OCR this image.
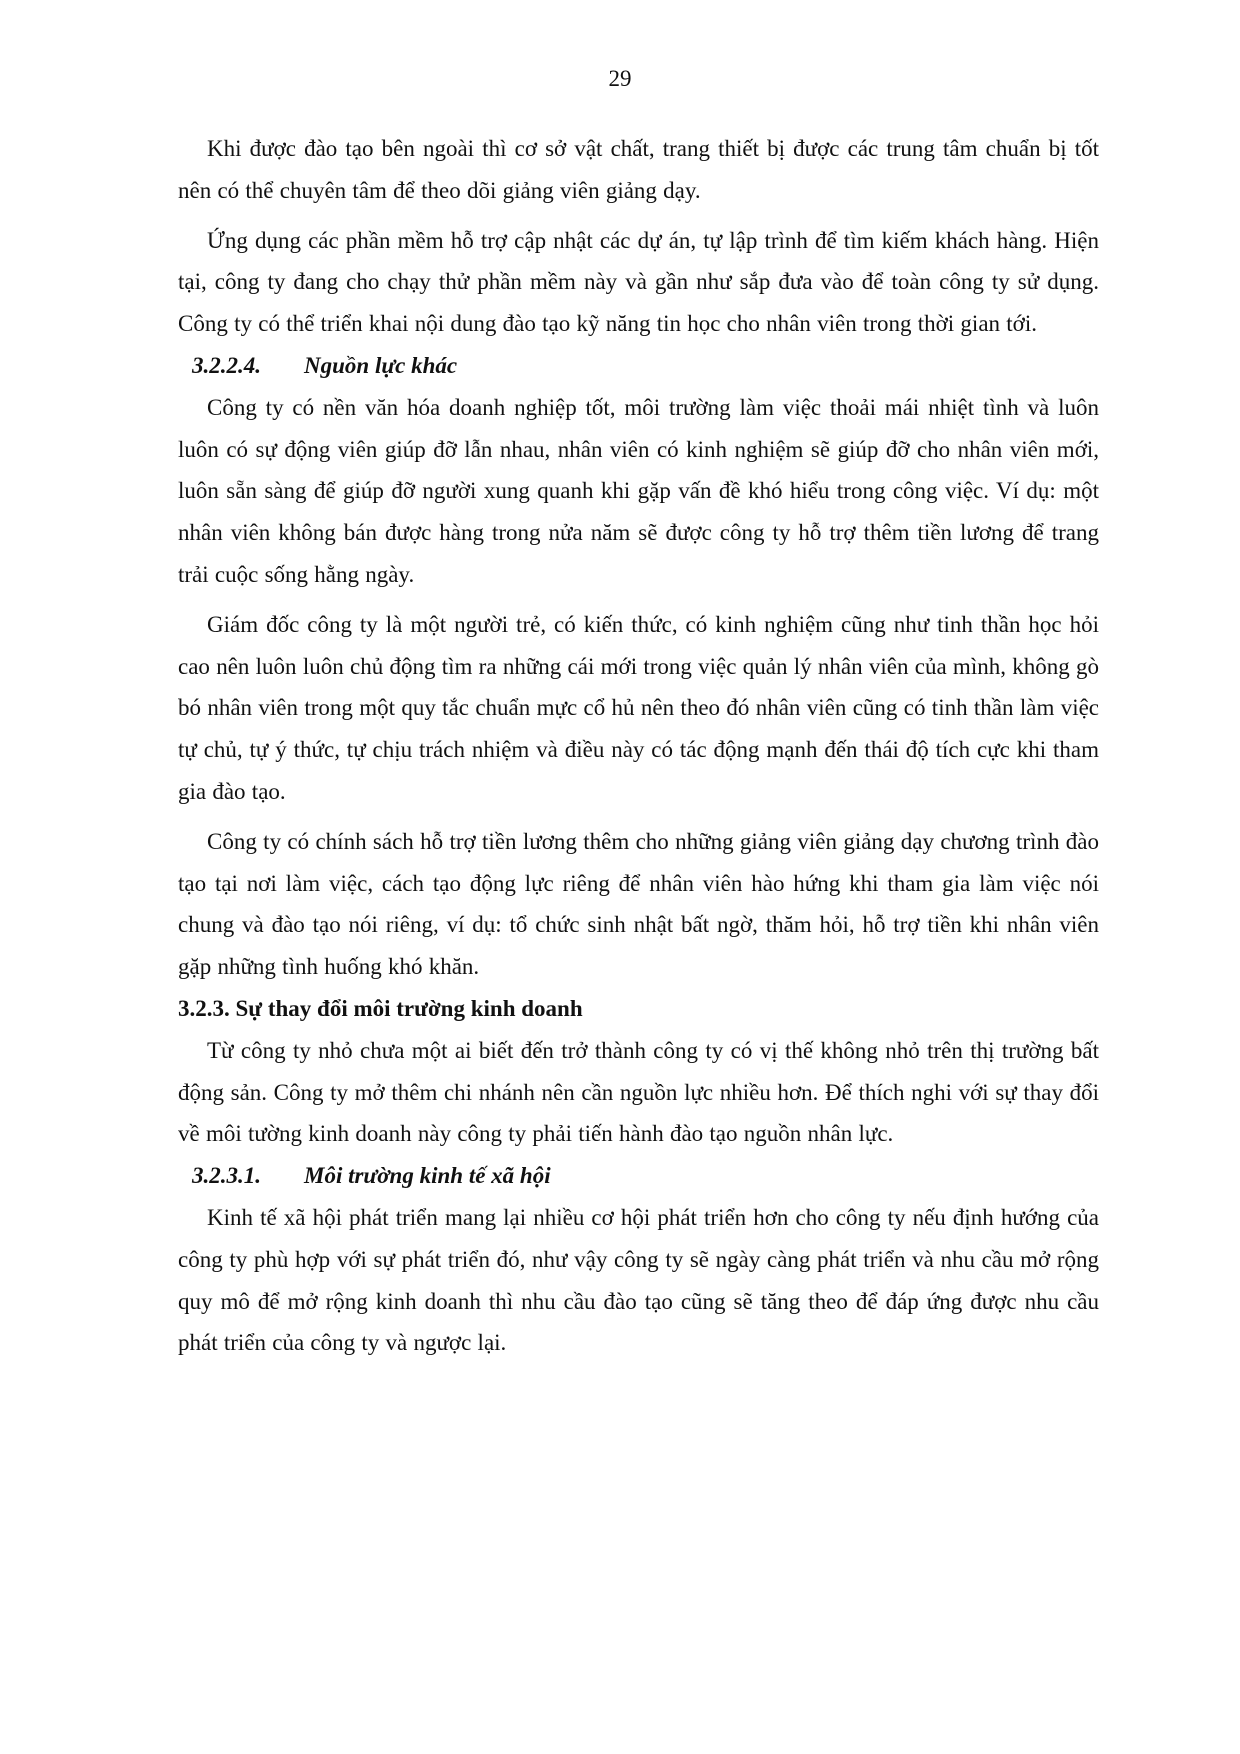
29

Khi được đào tạo bên ngoài thì cơ sở vật chất, trang thiết bị được các trung tâm chuẩn bị tốt nên có thể chuyên tâm để theo dõi giảng viên giảng dạy.

Ứng dụng các phần mềm hỗ trợ cập nhật các dự án, tự lập trình để tìm kiếm khách hàng. Hiện tại, công ty đang cho chạy thử phần mềm này và gần như sắp đưa vào để toàn công ty sử dụng. Công ty có thể triển khai nội dung đào tạo kỹ năng tin học cho nhân viên trong thời gian tới.

3.2.2.4.	Nguồn lực khác

Công ty có nền văn hóa doanh nghiệp tốt, môi trường làm việc thoải mái nhiệt tình và luôn luôn có sự động viên giúp đỡ lẫn nhau, nhân viên có kinh nghiệm sẽ giúp đỡ cho nhân viên mới, luôn sẵn sàng để giúp đỡ người xung quanh khi gặp vấn đề khó hiểu trong công việc. Ví dụ: một nhân viên không bán được hàng trong nửa năm sẽ được công ty hỗ trợ thêm tiền lương để trang trải cuộc sống hằng ngày.

Giám đốc công ty là một người trẻ, có kiến thức, có kinh nghiệm cũng như tinh thần học hỏi cao nên luôn luôn chủ động tìm ra những cái mới trong việc quản lý nhân viên của mình, không gò bó nhân viên trong một quy tắc chuẩn mực cổ hủ nên theo đó nhân viên cũng có tinh thần làm việc tự chủ, tự ý thức, tự chịu trách nhiệm và điều này có tác động mạnh đến thái độ tích cực khi tham gia đào tạo.

Công ty có chính sách hỗ trợ tiền lương thêm cho những giảng viên giảng dạy chương trình đào tạo tại nơi làm việc, cách tạo động lực riêng để nhân viên hào hứng khi tham gia làm việc nói chung và đào tạo nói riêng, ví dụ: tổ chức sinh nhật bất ngờ, thăm hỏi, hỗ trợ tiền khi nhân viên gặp những tình huống khó khăn.

3.2.3. Sự thay đổi môi trường kinh doanh

Từ công ty nhỏ chưa một ai biết đến trở thành công ty có vị thế không nhỏ trên thị trường bất động sản. Công ty mở thêm chi nhánh nên cần nguồn lực nhiều hơn. Để thích nghi với sự thay đổi về môi tường kinh doanh này công ty phải tiến hành đào tạo nguồn nhân lực.

3.2.3.1.	Môi trường kinh tế xã hội

Kinh tế xã hội phát triển mang lại nhiều cơ hội phát triển hơn cho công ty nếu định hướng của công ty phù hợp với sự phát triển đó, như vậy công ty sẽ ngày càng phát triển và nhu cầu mở rộng quy mô để mở rộng kinh doanh thì nhu cầu đào tạo cũng sẽ tăng theo để đáp ứng được nhu cầu phát triển của công ty và ngược lại.
